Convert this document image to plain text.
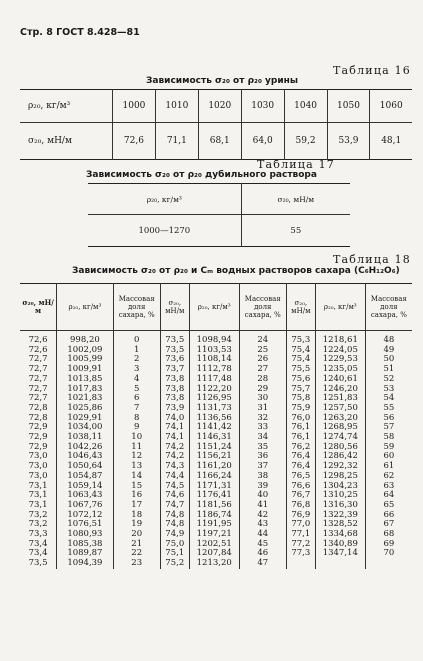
Стр. 8 ГОСТ 8.428—81
Таблица 16
Зависимость σ₂₀ от ρ₂₀ урины
ρ₂₀, кг/м³	1000	1010	1020	1030	1040	1050	1060
σ₂₀, мН/м	72,6	71,1	68,1	64,0	59,2	53,9	48,1
Таблица 17
Зависимость σ₂₀ от ρ₂₀ дубильного раствора
ρ₂₀, кг/м³	σ₂₀, мН/м
1000—1270	55
Таблица 18
Зависимость σ₂₀ от ρ₂₀ и Cₘ водных растворов сахара (C₆H₁₂O₆)
σ₂₀, мН/м	ρ₂₀, кг/м³	Массовая доля сахара, %	σ₂₀, мН/м	ρ₂₀, кг/м³	Массовая доля сахара, %	σ₂₀, мН/м	ρ₂₀, кг/м³	Массовая доля сахара, %
72,6	998,20	0	73,5	1098,94	24	75,3	1218,61	48
72,6	1002,09	1	73,5	1103,53	25	75,4	1224,05	49
72,7	1005,99	2	73,6	1108,14	26	75,4	1229,53	50
72,7	1009,91	3	73,7	1112,78	27	75,5	1235,05	51
72,7	1013,85	4	73,8	1117,48	28	75,6	1240,61	52
72,7	1017,83	5	73,8	1122,20	29	75,7	1246,20	53
72,7	1021,83	6	73,8	1126,95	30	75,8	1251,83	54
72,8	1025,86	7	73,9	1131,73	31	75,9	1257,50	55
72,8	1029,91	8	74,0	1136,56	32	76,0	1263,20	56
72,9	1034,00	9	74,1	1141,42	33	76,1	1268,95	57
72,9	1038,11	10	74,1	1146,31	34	76,1	1274,74	58
72,9	1042,26	11	74,2	1151,24	35	76,2	1280,56	59
73,0	1046,43	12	74,2	1156,21	36	76,4	1286,42	60
73,0	1050,64	13	74,3	1161,20	37	76,4	1292,32	61
73,0	1054,87	14	74,4	1166,24	38	76,5	1298,25	62
73,1	1059,14	15	74,5	1171,31	39	76,6	1304,23	63
73,1	1063,43	16	74,6	1176,41	40	76,7	1310,25	64
73,1	1067,76	17	74,7	1181,56	41	76,8	1316,30	65
73,2	1072,12	18	74,8	1186,74	42	76,9	1322,39	66
73,2	1076,51	19	74,8	1191,95	43	77,0	1328,52	67
73,3	1080,93	20	74,9	1197,21	44	77,1	1334,68	68
73,4	1085,38	21	75,0	1202,51	45	77,2	1340,89	69
73,4	1089,87	22	75,1	1207,84	46	77,3	1347,14	70
73,5	1094,39	23	75,2	1213,20	47			
